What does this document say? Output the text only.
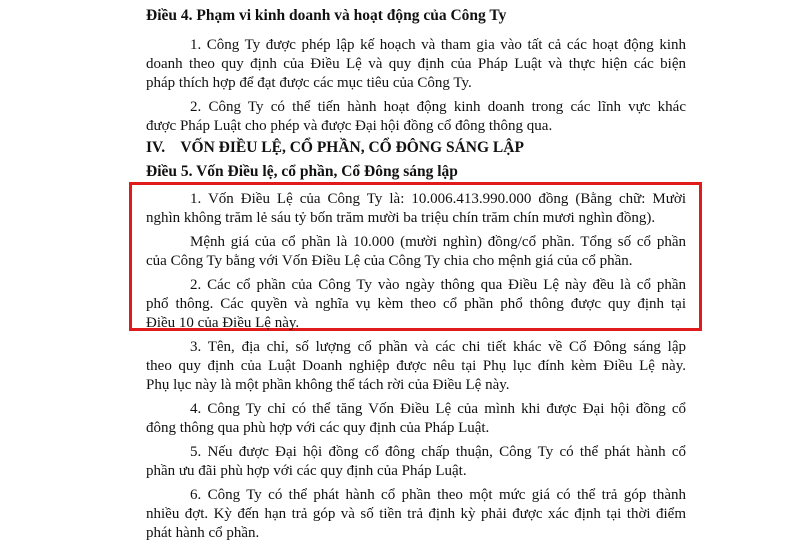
Điều 4. Phạm vi kinh doanh và hoạt động của Công Ty

1. Công Ty được phép lập kế hoạch và tham gia vào tất cả các hoạt động kinh

doanh theo quy định của Điều Lệ và quy định của Pháp Luật và thực hiện các biện

pháp thích hợp để đạt được các mục tiêu của Công Ty.

2. Công Ty có thể tiến hành hoạt động kinh doanh trong các lĩnh vực khác

được Pháp Luật cho phép và được Đại hội đồng cổ đông thông qua.

IV.    VỐN ĐIỀU LỆ, CỔ PHẦN, CỔ ĐÔNG SÁNG LẬP

Điều 5. Vốn Điều lệ, cổ phần, Cổ Đông sáng lập

1. Vốn Điều Lệ của Công Ty là: 10.006.413.990.000 đồng (Bằng chữ: Mười

nghìn không trăm lẻ sáu tỷ bốn trăm mười ba triệu chín trăm chín mươi nghìn đồng).

Mệnh giá của cổ phần là 10.000 (mười nghìn) đồng/cổ phần. Tổng số cổ phần

của Công Ty bằng với Vốn Điều Lệ của Công Ty chia cho mệnh giá của cổ phần.

2. Các cổ phần của Công Ty vào ngày thông qua Điều Lệ này đều là cổ phần

phổ thông. Các quyền và nghĩa vụ kèm theo cổ phần phổ thông được quy định tại

Điều 10 của Điều Lệ này.

3. Tên, địa chỉ, số lượng cổ phần và các chi tiết khác về Cổ Đông sáng lập

theo quy định của Luật Doanh nghiệp được nêu tại Phụ lục đính kèm Điều Lệ này.

Phụ lục này là một phần không thể tách rời của Điều Lệ này.

4. Công Ty chỉ có thể tăng Vốn Điều Lệ của mình khi được Đại hội đồng cổ

đông thông qua phù hợp với các quy định của Pháp Luật.

5. Nếu được Đại hội đồng cổ đông chấp thuận, Công Ty có thể phát hành cổ

phần ưu đãi phù hợp với các quy định của Pháp Luật.

6. Công Ty có thể phát hành cổ phần theo một mức giá có thể trả góp thành

nhiều đợt. Kỳ đến hạn trả góp và số tiền trả định kỳ phải được xác định tại thời điểm

phát hành cổ phần.
